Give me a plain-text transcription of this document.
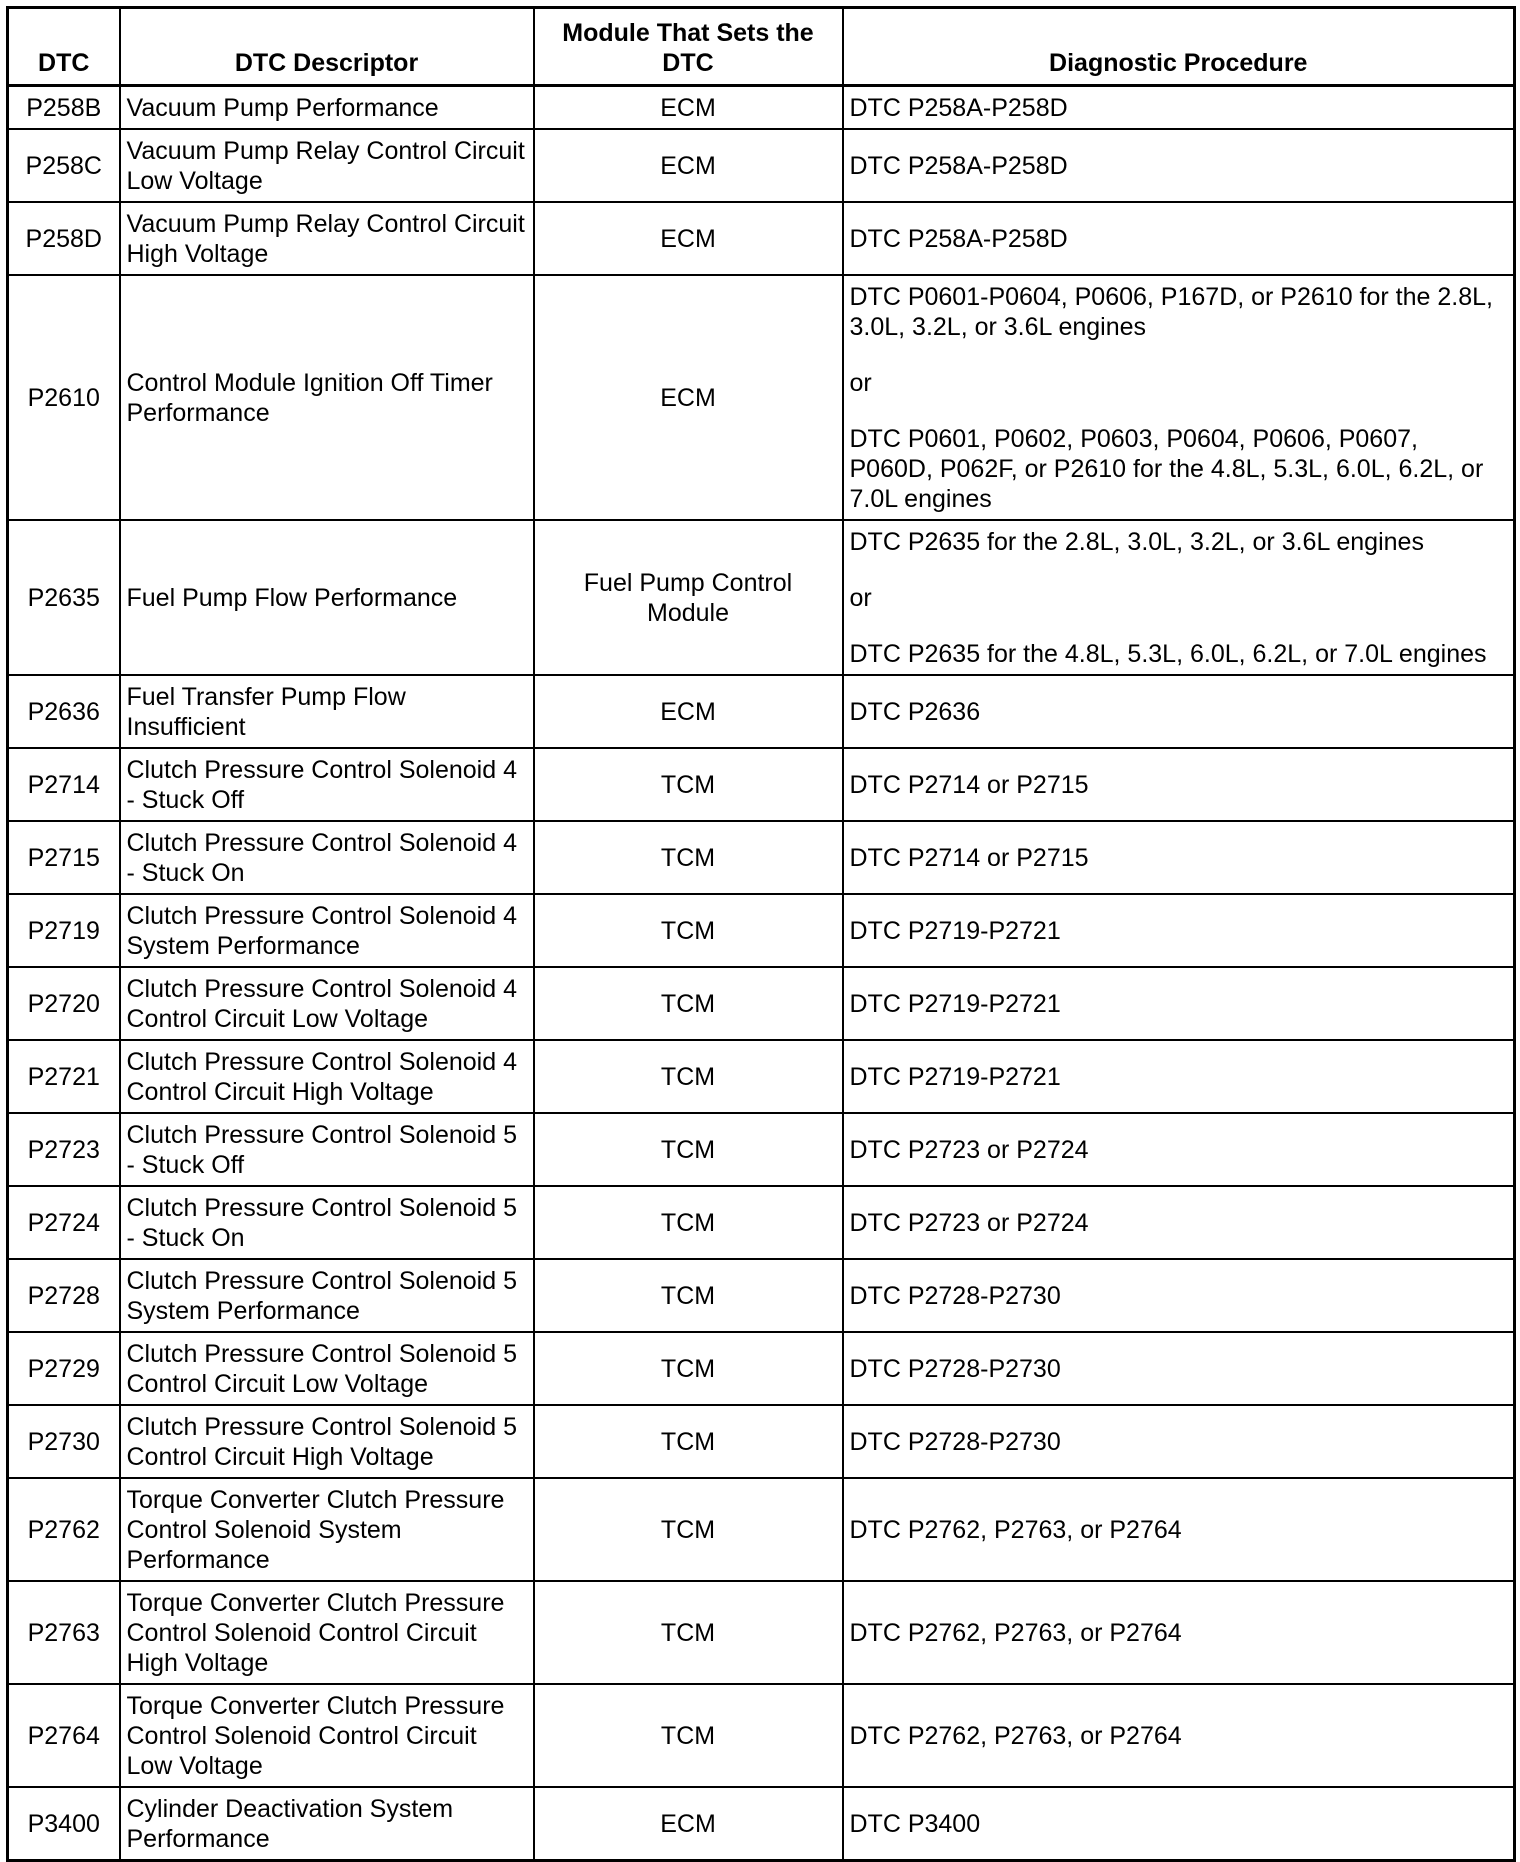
DTC	DTC Descriptor	Module That Sets the DTC	Diagnostic Procedure
P258B	Vacuum Pump Performance	ECM	DTC P258A-P258D

P258C	Vacuum Pump Relay Control Circuit Low Voltage	ECM	DTC P258A-P258D

P258D	Vacuum Pump Relay Control Circuit High Voltage	ECM	DTC P258A-P258D

P2610	Control Module Ignition Off Timer Performance	ECM	DTC P0601-P0604, P0606, P167D, or P2610 for the 2.8L, 3.0L, 3.2L, or 3.6L engines
or
DTC P0601, P0602, P0603, P0604, P0606, P0607, P060D, P062F, or P2610 for the 4.8L, 5.3L, 6.0L, 6.2L, or 7.0L engines

P2635	Fuel Pump Flow Performance	Fuel Pump Control Module	DTC P2635 for the 2.8L, 3.0L, 3.2L, or 3.6L engines
or
DTC P2635 for the 4.8L, 5.3L, 6.0L, 6.2L, or 7.0L engines

P2636	Fuel Transfer Pump Flow Insufficient	ECM	DTC P2636

P2714	Clutch Pressure Control Solenoid 4 - Stuck Off	TCM	DTC P2714 or P2715

P2715	Clutch Pressure Control Solenoid 4 - Stuck On	TCM	DTC P2714 or P2715

P2719	Clutch Pressure Control Solenoid 4 System Performance	TCM	DTC P2719-P2721

P2720	Clutch Pressure Control Solenoid 4 Control Circuit Low Voltage	TCM	DTC P2719-P2721

P2721	Clutch Pressure Control Solenoid 4 Control Circuit High Voltage	TCM	DTC P2719-P2721

P2723	Clutch Pressure Control Solenoid 5 - Stuck Off	TCM	DTC P2723 or P2724

P2724	Clutch Pressure Control Solenoid 5 - Stuck On	TCM	DTC P2723 or P2724

P2728	Clutch Pressure Control Solenoid 5 System Performance	TCM	DTC P2728-P2730

P2729	Clutch Pressure Control Solenoid 5 Control Circuit Low Voltage	TCM	DTC P2728-P2730

P2730	Clutch Pressure Control Solenoid 5 Control Circuit High Voltage	TCM	DTC P2728-P2730

P2762	Torque Converter Clutch Pressure Control Solenoid System Performance	TCM	DTC P2762, P2763, or P2764

P2763	Torque Converter Clutch Pressure Control Solenoid Control Circuit High Voltage	TCM	DTC P2762, P2763, or P2764

P2764	Torque Converter Clutch Pressure Control Solenoid Control Circuit Low Voltage	TCM	DTC P2762, P2763, or P2764

P3400	Cylinder Deactivation System Performance	ECM	DTC P3400
